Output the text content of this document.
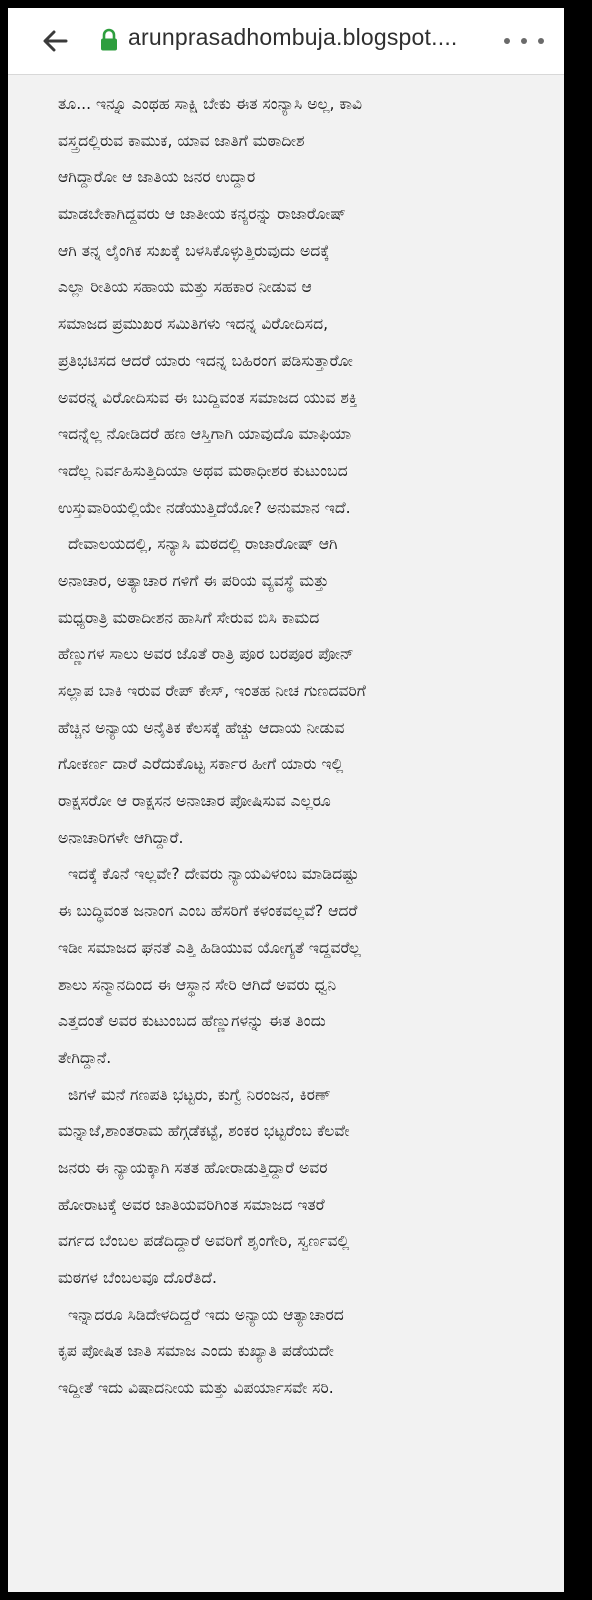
arunprasadhombuja.blogspot....
ತೂ... ಇನ್ನೂ ಎಂಥಹ ಸಾಕ್ಷಿ ಬೇಕು ಈತ ಸಂನ್ಯಾಸಿ ಅಲ್ಲ, ಕಾವಿ
ವಸ್ತ್ರದಲ್ಲಿರುವ ಕಾಮುಕ, ಯಾವ ಜಾತಿಗೆ ಮಠಾದೀಶ
ಆಗಿದ್ದಾರೋ ಆ ಜಾತಿಯ ಜನರ ಉದ್ದಾರ
ಮಾಡಬೇಕಾಗಿದ್ದವರು ಆ ಜಾತೀಯ ಕನ್ಯರನ್ನು ರಾಜಾರೋಷ್
ಆಗಿ ತನ್ನ ಲೈಂಗಿಕ ಸುಖಕ್ಕೆ ಬಳಸಿಕೊಳ್ಳುತ್ತಿರುವುದು ಅದಕ್ಕೆ
ಎಲ್ಲಾ ರೀತಿಯ ಸಹಾಯ ಮತ್ತು ಸಹಕಾರ ನೀಡುವ ಆ
ಸಮಾಜದ ಪ್ರಮುಖರ ಸಮಿತಿಗಳು ಇದನ್ನ ವಿರೋದಿಸದ,
ಪ್ರತಿಭಟಿಸದ ಆದರೆ ಯಾರು ಇದನ್ನ ಬಹಿರಂಗ ಪಡಿಸುತ್ತಾರೋ
ಅವರನ್ನ ವಿರೋದಿಸುವ ಈ ಬುದ್ದಿವಂತ ಸಮಾಜದ ಯುವ ಶಕ್ತಿ
ಇದನ್ನೆಲ್ಲ ನೋಡಿದರೆ ಹಣ ಆಸ್ತಿಗಾಗಿ ಯಾವುದೊ ಮಾಫಿಯಾ
ಇದೆಲ್ಲ ನಿರ್ವಹಿಸುತ್ತಿದಿಯಾ ಅಥವ ಮಠಾಧೀಶರ ಕುಟುಂಬದ
ಉಸ್ತುವಾರಿಯಲ್ಲಿಯೇ ನಡೆಯುತ್ತಿದೆಯೋ? ಅನುಮಾನ ಇದೆ.
ದೇವಾಲಯದಲ್ಲಿ, ಸನ್ಯಾಸಿ ಮಠದಲ್ಲಿ ರಾಜಾರೋಷ್ ಆಗಿ
ಅನಾಚಾರ, ಅತ್ಯಾಚಾರ ಗಳಿಗೆ ಈ ಪರಿಯ ವ್ಯವಸ್ಥೆ ಮತ್ತು
ಮಧ್ಯರಾತ್ರಿ ಮಠಾದೀಶನ ಹಾಸಿಗೆ ಸೇರುವ ಬಿಸಿ ಕಾಮದ
ಹೆಣ್ಣುಗಳ ಸಾಲು ಅವರ ಜೊತೆ ರಾತ್ರಿ ಪೂರ ಬರಪೂರ ಪೋನ್
ಸಲ್ಲಾಪ ಬಾಕಿ ಇರುವ ರೇಪ್ ಕೇಸ್, ಇಂತಹ ನೀಚ ಗುಣದವರಿಗೆ
ಹೆಚ್ಚಿನ ಅನ್ಯಾಯ ಅನೈತಿಕ ಕೆಲಸಕ್ಕೆ ಹೆಚ್ಚು ಆದಾಯ ನೀಡುವ
ಗೋಕರ್ಣ ದಾರೆ ಎರೆದುಕೊಟ್ಟ ಸರ್ಕಾರ ಹೀಗೆ ಯಾರು ಇಲ್ಲಿ
ರಾಕ್ಷಸರೋ ಆ ರಾಕ್ಷಸನ ಅನಾಚಾರ ಪೋಷಿಸುವ ಎಲ್ಲರೂ
ಅನಾಚಾರಿಗಳೇ ಆಗಿದ್ದಾರೆ.
ಇದಕ್ಕೆ ಕೊನೆ ಇಲ್ಲವೇ? ದೇವರು ನ್ಯಾಯವಿಳಂಬ ಮಾಡಿದಷ್ಟು
ಈ ಬುದ್ಧಿವಂತ ಜನಾಂಗ ಎಂಬ ಹೆಸರಿಗೆ ಕಳಂಕವಲ್ಲವೆ? ಆದರೆ
ಇಡೀ ಸಮಾಜದ ಘನತೆ ಎತ್ತಿ ಹಿಡಿಯುವ ಯೋಗ್ಯತೆ ಇದ್ದವರೆಲ್ಲ
ಶಾಲು ಸನ್ಮಾನದಿಂದ ಈ ಆಸ್ಥಾನ ಸೇರಿ ಆಗಿದೆ ಅವರು ಧ್ವನಿ
ಎತ್ತದಂತೆ ಅವರ ಕುಟುಂಬದ ಹೆಣ್ಣುಗಳನ್ನು ಈತ ತಿಂದು
ತೇಗಿದ್ದಾನೆ.
ಜಿಗಳೆ ಮನೆ ಗಣಪತಿ ಭಟ್ಟರು, ಕುಗ್ವೆ ನಿರಂಜನ, ಕಿರಣ್
ಮನ್ನಾಜೆ,ಶಾಂತರಾಮ ಹೆಗ್ಗಡೆಕಟ್ಟೆ, ಶಂಕರ ಭಟ್ಟರೆಂಬ ಕೆಲವೇ
ಜನರು ಈ ನ್ಯಾಯಕ್ಕಾಗಿ ಸತತ ಹೋರಾಡುತ್ತಿದ್ದಾರೆ ಅವರ
ಹೋರಾಟಕ್ಕೆ ಅವರ ಜಾತಿಯವರಿಗಿಂತ ಸಮಾಜದ ಇತರೆ
ವರ್ಗದ ಬೆಂಬಲ ಪಡೆದಿದ್ದಾರೆ ಅವರಿಗೆ ಶೃಂಗೇರಿ, ಸ್ವರ್ಣವಲ್ಲಿ
ಮಠಗಳ ಬೆಂಬಲವೂ ದೊರೆತಿದೆ.
ಇನ್ನಾದರೂ ಸಿಡಿದೇಳದಿದ್ದರೆ ಇದು ಅನ್ಯಾಯ ಆತ್ಯಾಚಾರದ
ಕೃಪ ಪೋಷಿತ ಜಾತಿ ಸಮಾಜ ಎಂದು ಕುಖ್ಯಾತಿ ಪಡೆಯದೇ
ಇದ್ದೀತೆ ಇದು ವಿಷಾದನೀಯ ಮತ್ತು ವಿಪರ್ಯಾಸವೇ ಸರಿ.
